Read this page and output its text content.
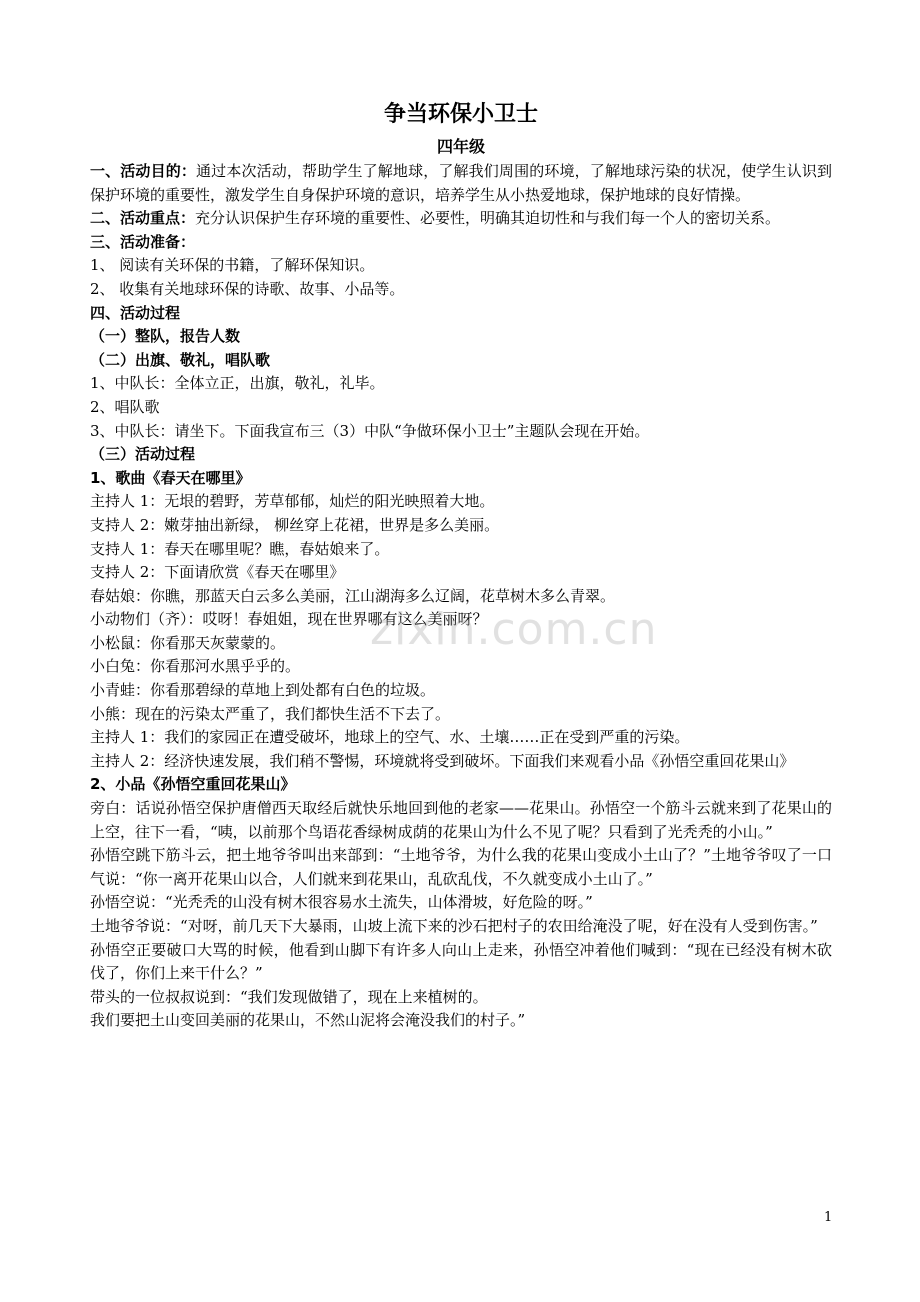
争当环保小卫士
四年级

一、活动目的：通过本次活动，帮助学生了解地球，了解我们周围的环境，了解地球污染的状况，使学生认识到保护环境的重要性，激发学生自身保护环境的意识，培养学生从小热爱地球，保护地球的良好情操。

二、活动重点：充分认识保护生存环境的重要性、必要性，明确其迫切性和与我们每一个人的密切关系。

三、活动准备：

1、 阅读有关环保的书籍，了解环保知识。

2、 收集有关地球环保的诗歌、故事、小品等。

四、活动过程

（一）整队，报告人数

（二）出旗、敬礼，唱队歌

1、中队长：全体立正，出旗，敬礼，礼毕。

2、唱队歌

3、中队长：请坐下。下面我宣布三（3）中队“争做环保小卫士”主题队会现在开始。

（三）活动过程

1、歌曲《春天在哪里》

主持人 1：无垠的碧野，芳草郁郁，灿烂的阳光映照着大地。

支持人 2：嫩芽抽出新绿， 柳丝穿上花裙，世界是多么美丽。

支持人 1：春天在哪里呢？瞧，春姑娘来了。

支持人 2：下面请欣赏《春天在哪里》

春姑娘：你瞧，那蓝天白云多么美丽，江山湖海多么辽阔，花草树木多么青翠。

小动物们（齐）：哎呀！春姐姐，现在世界哪有这么美丽呀？

小松鼠：你看那天灰蒙蒙的。

小白兔：你看那河水黑乎乎的。

小青蛙：你看那碧绿的草地上到处都有白色的垃圾。

小熊：现在的污染太严重了，我们都快生活不下去了。

主持人 1：我们的家园正在遭受破坏，地球上的空气、水、土壤……正在受到严重的污染。

主持人 2：经济快速发展，我们稍不警惕，环境就将受到破坏。下面我们来观看小品《孙悟空重回花果山》

2、小品《孙悟空重回花果山》

旁白：话说孙悟空保护唐僧西天取经后就快乐地回到他的老家——花果山。孙悟空一个筋斗云就来到了花果山的上空，往下一看，“咦，以前那个鸟语花香绿树成荫的花果山为什么不见了呢？只看到了光秃秃的小山。”

孙悟空跳下筋斗云，把土地爷爷叫出来部到：“土地爷爷，为什么我的花果山变成小土山了？”土地爷爷叹了一口气说：“你一离开花果山以合，人们就来到花果山，乱砍乱伐，不久就变成小土山了。”

孙悟空说：“光秃秃的山没有树木很容易水土流失，山体滑坡，好危险的呀。”

土地爷爷说：“对呀，前几天下大暴雨，山坡上流下来的沙石把村子的农田给淹没了呢，好在没有人受到伤害。”

孙悟空正要破口大骂的时候，他看到山脚下有许多人向山上走来，孙悟空冲着他们喊到：“现在已经没有树木砍伐了，你们上来干什么？”

带头的一位叔叔说到：“我们发现做错了，现在上来植树的。

我们要把土山变回美丽的花果山，不然山泥将会淹没我们的村子。”

zixin.com.cn
1
